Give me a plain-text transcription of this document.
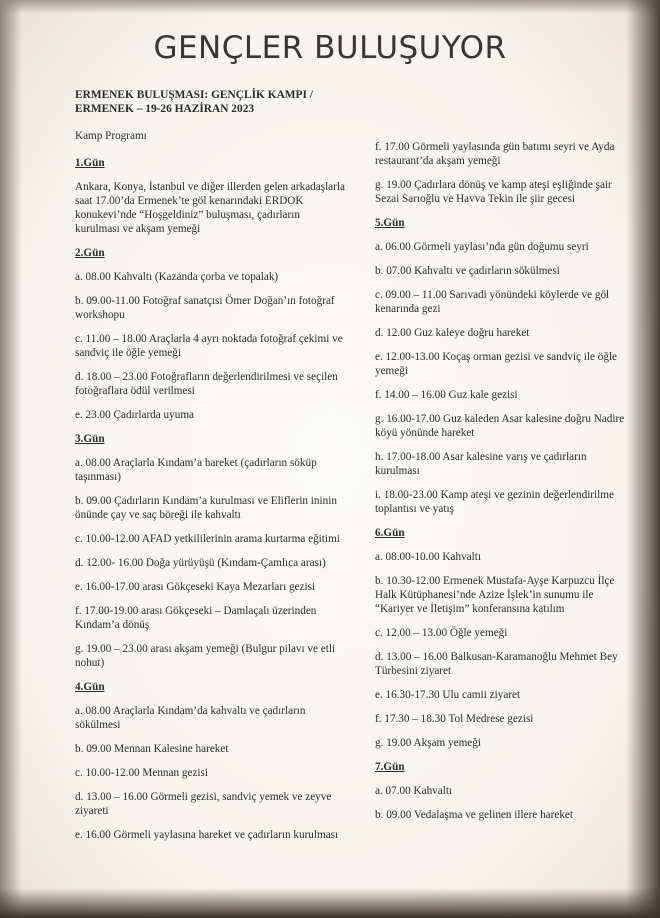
GENÇLER BULUŞUYOR
ERMENEK BULUŞMASI: GENÇLİK KAMPI / ERMENEK – 19-26 HAZİRAN 2023
Kamp Programı
1.Gün
Ankara, Konya, İstanbul ve diğer illerden gelen arkadaşlarla saat 17.00’da Ermenek’te göl kenarındaki ERDOK konukevi’nde “Hoşgeldiniz” buluşması, çadırların kurulması ve akşam yemeği
2.Gün
a. 08.00 Kahvaltı (Kazanda çorba ve topalak)
b. 09.00-11.00 Fotoğraf sanatçısı Ömer Doğan’ın fotoğraf workshopu
c. 11.00 – 18.00 Araçlarla 4 ayrı noktada fotoğraf çekimi ve sandviç ile öğle yemeği
d. 18.00 – 23.00 Fotoğrafların değerlendirilmesi ve seçilen fotoğraflara ödül verilmesi
e. 23.00 Çadırlarda uyuma
3.Gün
a. 08.00 Araçlarla Kındam’a hareket (çadırların söküp taşınması)
b. 09.00 Çadırların Kındam’a kurulması ve Eliflerin ininin önünde çay ve saç böreği ile kahvaltı
c. 10.00-12.00 AFAD yetkililerinin arama kurtarma eğitimi
d. 12.00- 16.00 Doğa yürüyüşü (Kındam-Çamlıca arası)
e. 16.00-17.00 arası Gökçeseki Kaya Mezarları gezisi
f. 17.00-19.00 arası Gökçeseki – Damlaçalı üzerinden Kındam’a dönüş
g. 19.00 – 23.00 arası akşam yemeği (Bulgur pilavı ve etli nohut)
4.Gün
a. 08.00 Araçlarla Kındam’da kahvaltı ve çadırların sökülmesi
b. 09.00 Mennan Kalesine hareket
c. 10.00-12.00 Mennan gezisi
d. 13.00 – 16.00 Görmeli gezisi, sandviç yemek ve zeyve ziyareti
e. 16.00 Görmeli yaylasına hareket ve çadırların kurulması
f. 17.00 Görmeli yaylasında gün batımı seyri ve Ayda restaurant’da akşam yemeği
g. 19.00 Çadırlara dönüş ve kamp ateşi eşliğinde şair Sezai Sarıoğlu ve Havva Tekin ile şiir gecesi
5.Gün
a. 06.00 Görmeli yaylası’nda gün doğumu seyri
b. 07.00 Kahvaltı ve çadırların sökülmesi
c. 09.00 – 11.00 Sarıvadi yönündeki köylerde ve göl kenarında gezi
d. 12.00 Guz kaleye doğru hareket
e. 12.00-13.00 Koçaş orman gezisi ve sandviç ile öğle yemeği
f. 14.00 – 16.00 Guz kale gezisi
g. 16.00-17.00 Guz kaleden Asar kalesine doğru Nadire köyü yönünde hareket
h. 17.00-18.00 Asar kalesine varış ve çadırların kurulması
i. 18.00-23.00 Kamp ateşi ve gezinin değerlendirilme toplantısı ve yatış
6.Gün
a. 08.00-10.00 Kahvaltı
b. 10.30-12.00 Ermenek Mustafa-Ayşe Karpuzcu İlçe Halk Kütüphanesi’nde Azize İşlek’in sunumu ile “Kariyer ve İletişim” konferansına katılım
c. 12.00 – 13.00 Öğle yemeği
d. 13.00 – 16.00 Balkusan-Karamanoğlu Mehmet Bey Türbesini ziyaret
e. 16.30-17.30 Ulu camii ziyaret
f. 17.30 – 18.30 Tol Medrese gezisi
g. 19.00 Akşam yemeği
7.Gün
a. 07.00 Kahvaltı
b. 09.00 Vedalaşma ve gelinen illere hareket
